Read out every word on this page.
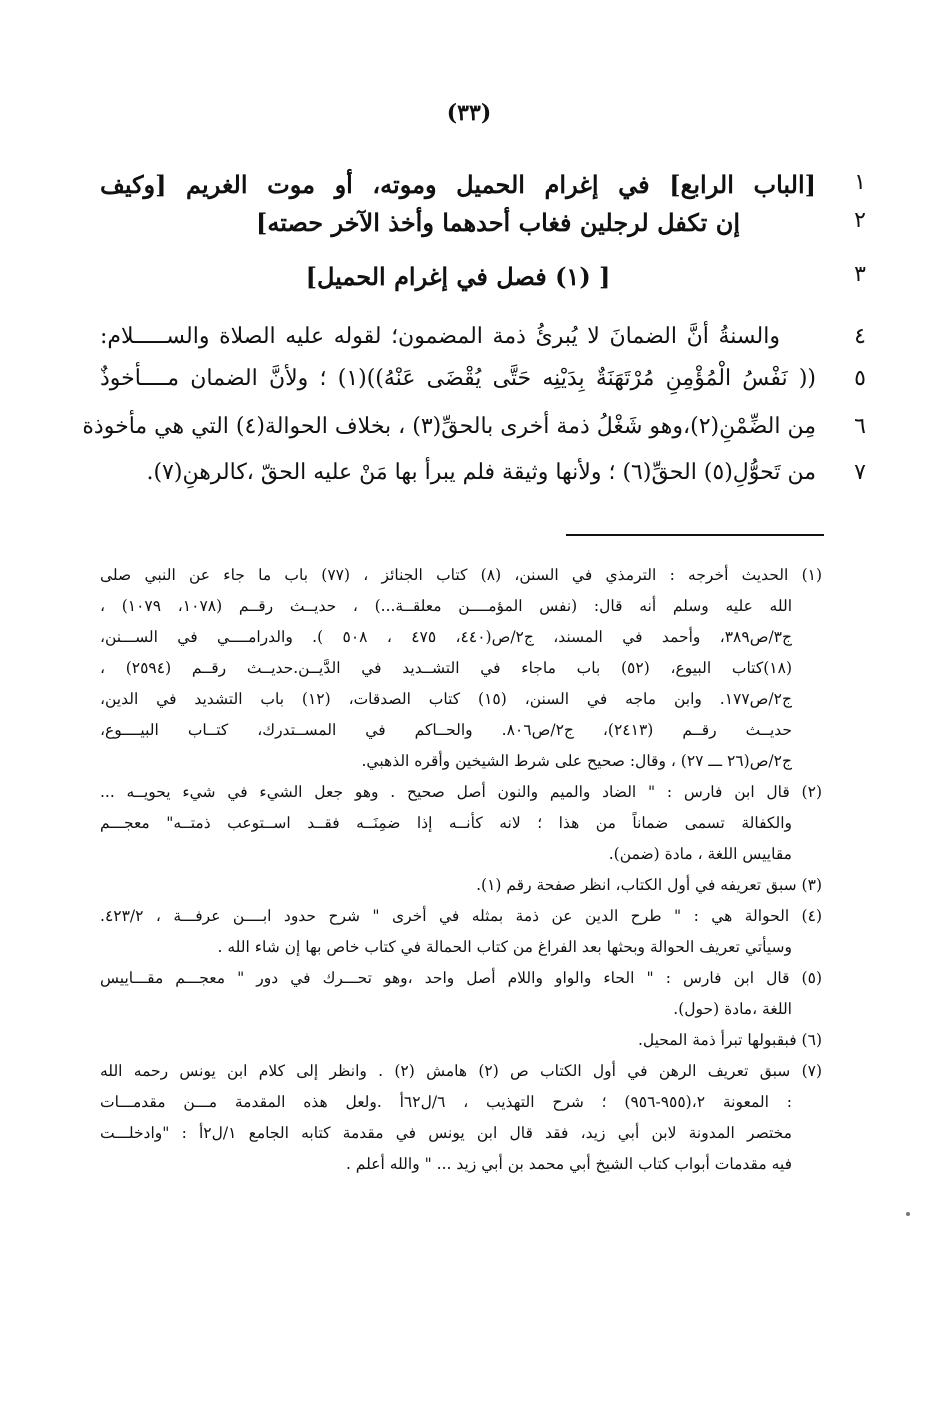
(٣٣)
١
[الباب الرابع] في إغرام الحميل وموته، أو موت الغريم [وكيف
٢
إن تكفل لرجلين فغاب أحدهما وأخذ الآخر حصته]
٣
[ (١) فصل في إغرام الحميل]
٤
والسنةُ أنَّ الضمانَ لا يُبرئُ ذمة المضمون؛ لقوله عليه الصلاة والســـــلام:
٥
(( نَفْسُ الْمُؤْمِنِ مُرْتَهَنَةٌ بِدَيْنِه حَتَّى يُقْضَى عَنْهُ))(١) ؛ ولأنَّ الضمان مــــأخوذٌ
٦
مِن الضِّمْنِ(٢)،وهو شَغْلُ ذمة أخرى بالحقِّ(٣) ، بخلاف الحوالة(٤) التي هي مأخوذة
٧
من تَحوُّلِ(٥) الحقِّ(٦) ؛ ولأنها وثيقة فلم يبرأ بها مَنْ عليه الحقّ ،كالرهنِ(٧).

(١) الحديث أخرجه : الترمذي في السنن، (٨) كتاب الجنائز ، (٧٧) باب ما جاء عن النبي صلى

الله عليه وسلم أنه قال: (نفس المؤمــــن معلقــة...) ، حديــث رقــم (١٠٧٨، ١٠٧٩) ،

ج٣/ص٣٨٩، وأحمد في المسند، ج٢/ص(٤٤٠، ٤٧٥ ، ٥٠٨ ). والدرامــــي في الســـنن،

(١٨)كتاب البيوع، (٥٢) باب ماجاء في التشــديد في الدَّيــن.حديــث رقــم (٢٥٩٤) ،

ج٢/ص١٧٧. وابن ماجه في السنن، (١٥) كتاب الصدقات، (١٢) باب التشديد في الدين،

حديــث رقــم (٢٤١٣)، ج٢/ص٨٠٦. والحــاكم في المســتدرك، كتــاب البيــــوع،

ج٢/ص(٢٦ ـــ ٢٧) ، وقال: صحيح على شرط الشيخين وأقره الذهبي.

(٢) قال ابن فارس : " الضاد والميم والنون أصل صحيح . وهو جعل الشيء في شيء يحويــه ...

والكفالة تسمى ضماناً من هذا ؛ لانه كأنــه إذا ضمِنَــه فقــد اســتوعب ذمتــه" معجـــم

مقاييس اللغة ، مادة (ضمن).

(٣) سبق تعريفه في أول الكتاب، انظر صفحة رقم (١).

(٤) الحوالة هي : " طرح الدين عن ذمة بمثله في أخرى " شرح حدود ابــــن عرفـــة ، ٤٢٣/٢.

وسيأتي تعريف الحوالة وبحثها بعد الفراغ من كتاب الحمالة في كتاب خاص بها إن شاء الله .

(٥) قال ابن فارس : " الحاء والواو واللام أصل واحد ،وهو تحـــرك في دور " معجـــم مقـــاييس

اللغة ،مادة (حول).

(٦) فبقبولها تبرأ ذمة المحيل.

(٧) سبق تعريف الرهن في أول الكتاب ص (٢) هامش (٢) . وانظر إلى كلام ابن يونس رحمه الله

: المعونة ٢،(٩٥٥-٩٥٦) ؛ شرح التهذيب ، ٦/ل٦٢أ .ولعل هذه المقدمة مـــن مقدمـــات

مختصر المدونة لابن أبي زيد، فقد قال ابن يونس في مقدمة كتابه الجامع ١/ل٢أ : "وادخلـــت

فيه مقدمات أبواب كتاب الشيخ أبي محمد بن أبي زيد ... " والله أعلم .
